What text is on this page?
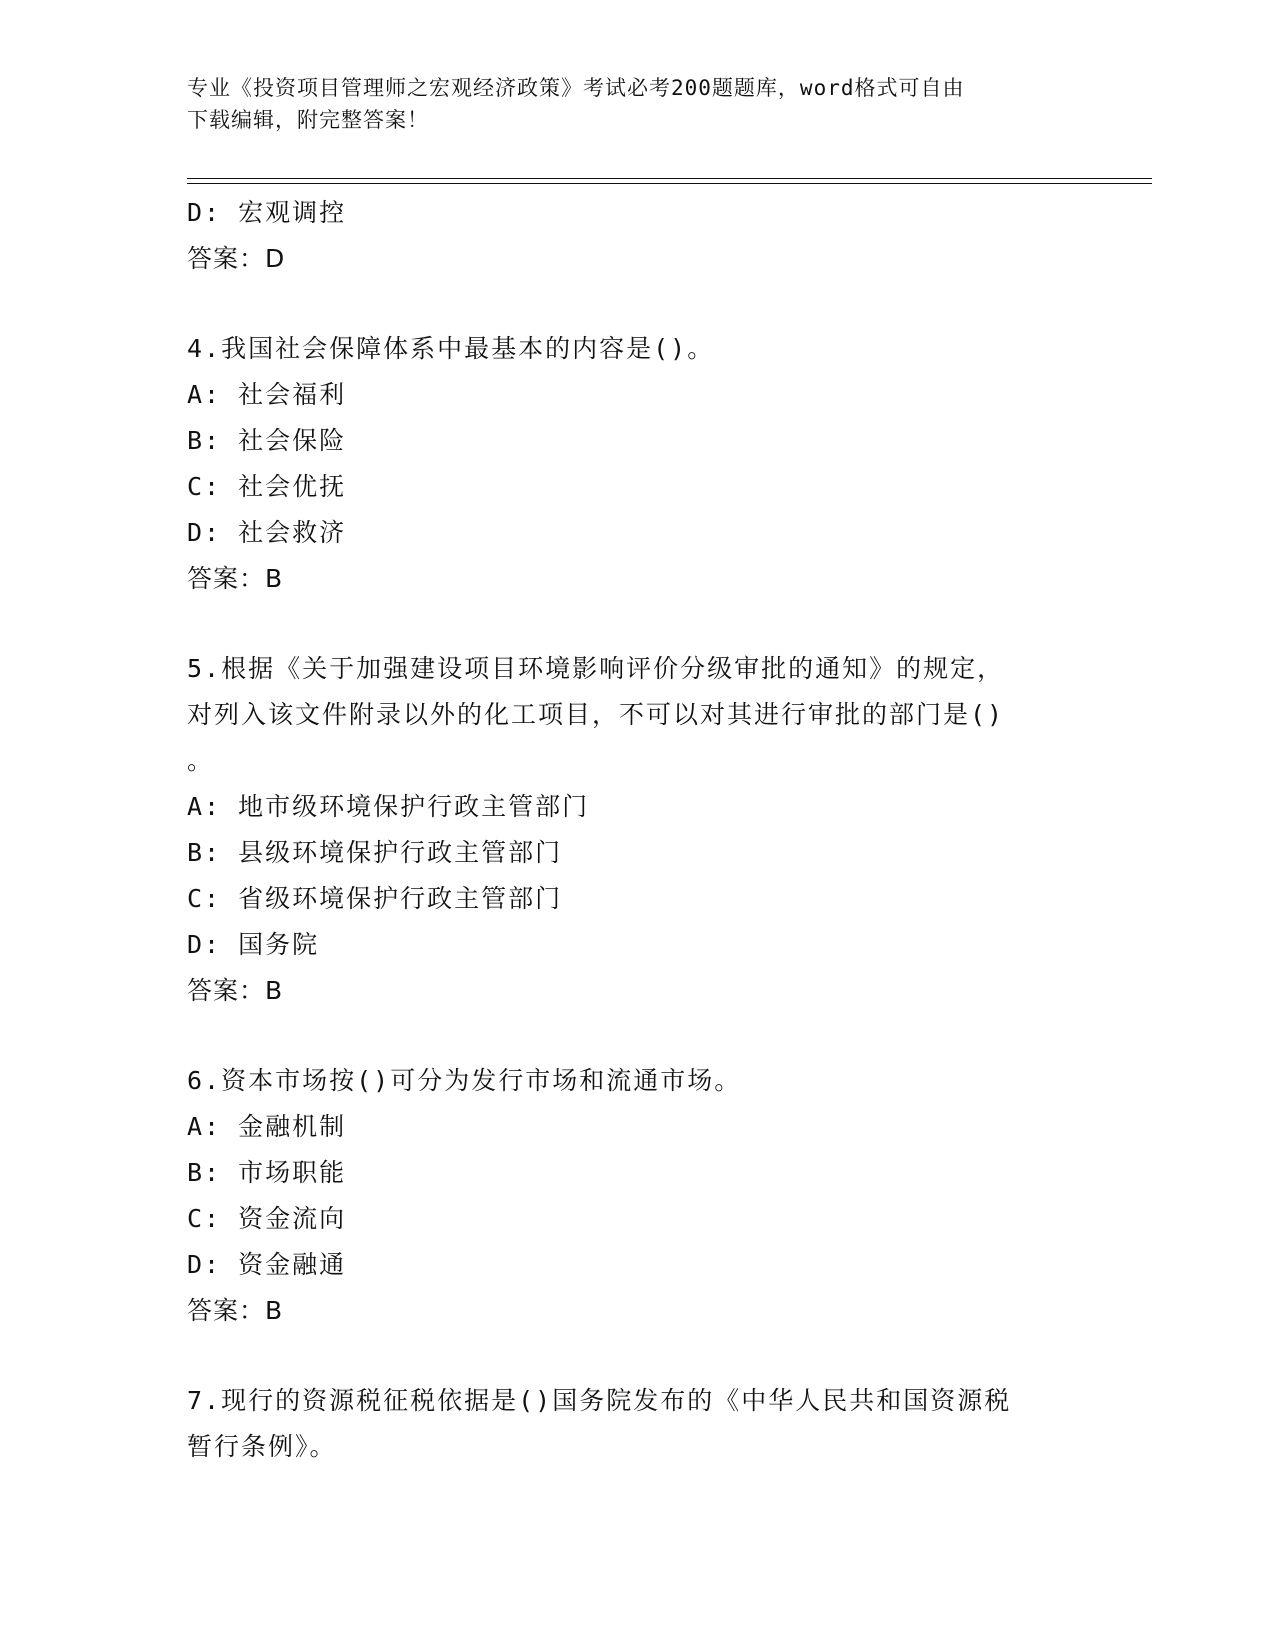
专业《投资项目管理师之宏观经济政策》考试必考200题题库，word格式可自由
下载编辑，附完整答案！
D: 宏观调控
答案：D
4.我国社会保障体系中最基本的内容是()。
A: 社会福利
B: 社会保险
C: 社会优抚
D: 社会救济
答案：B
5.根据《关于加强建设项目环境影响评价分级审批的通知》的规定，
对列入该文件附录以外的化工项目，不可以对其进行审批的部门是()
。
A: 地市级环境保护行政主管部门
B: 县级环境保护行政主管部门
C: 省级环境保护行政主管部门
D: 国务院
答案：B
6.资本市场按()可分为发行市场和流通市场。
A: 金融机制
B: 市场职能
C: 资金流向
D: 资金融通
答案：B
7.现行的资源税征税依据是()国务院发布的《中华人民共和国资源税
暂行条例》。
